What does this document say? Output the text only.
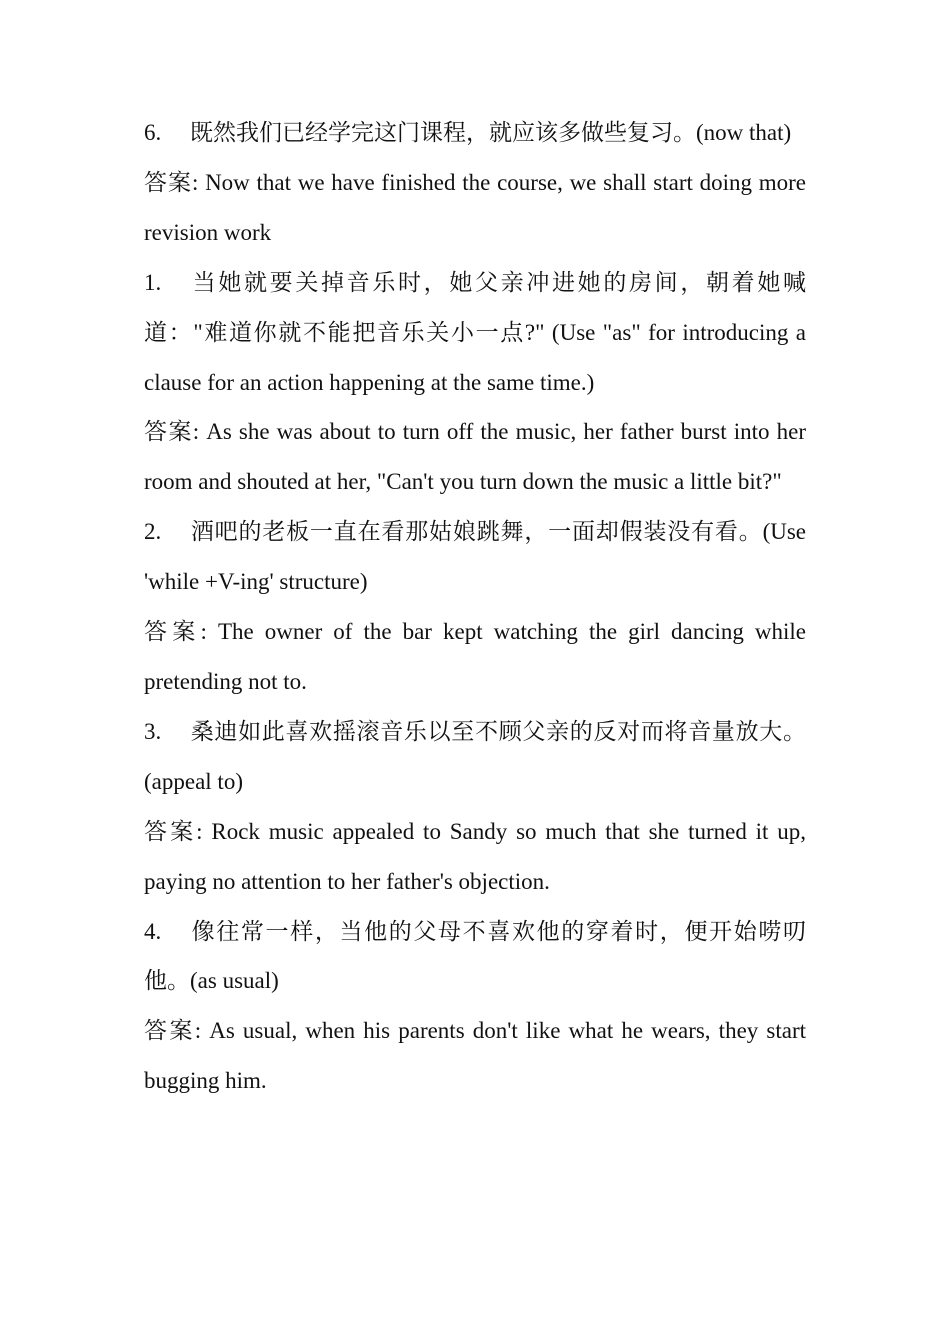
6. 既然我们已经学完这门课程，就应该多做些复习。(now that)

答案: Now that we have finished the course, we shall start doing more revision work

1. 当她就要关掉音乐时，她父亲冲进她的房间，朝着她喊道："难道你就不能把音乐关小一点?" (Use "as" for introducing a clause for an action happening at the same time.)

答案: As she was about to turn off the music, her father burst into her room and shouted at her, "Can't you turn down the music a little bit?"

2. 酒吧的老板一直在看那姑娘跳舞，一面却假装没有看。(Use 'while +V-ing' structure)

答案: The owner of the bar kept watching the girl dancing while pretending not to.

3. 桑迪如此喜欢摇滚音乐以至不顾父亲的反对而将音量放大。(appeal to)

答案: Rock music appealed to Sandy so much that she turned it up, paying no attention to her father's objection.

4. 像往常一样，当他的父母不喜欢他的穿着时，便开始唠叨他。(as usual)

答案: As usual, when his parents don't like what he wears, they start bugging him.
